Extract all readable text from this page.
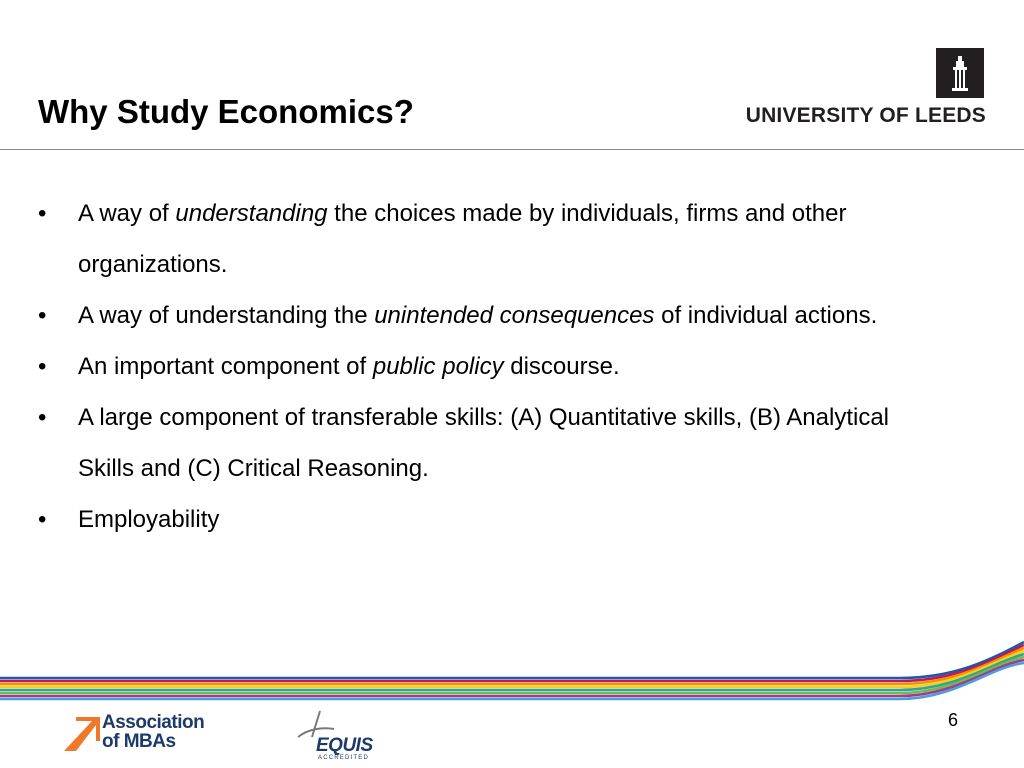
Why Study Economics?	UNIVERSITY OF LEEDS
•	A way of understanding the choices made by individuals, firms and other organizations.
•	A way of understanding the unintended consequences of individual actions.
•	An important component of public policy discourse.
•	A large component of transferable skills: (A) Quantitative skills, (B) Analytical Skills and (C) Critical Reasoning.
•	Employability
Association
of MBAs	EQUIS
ACCREDITED
6
